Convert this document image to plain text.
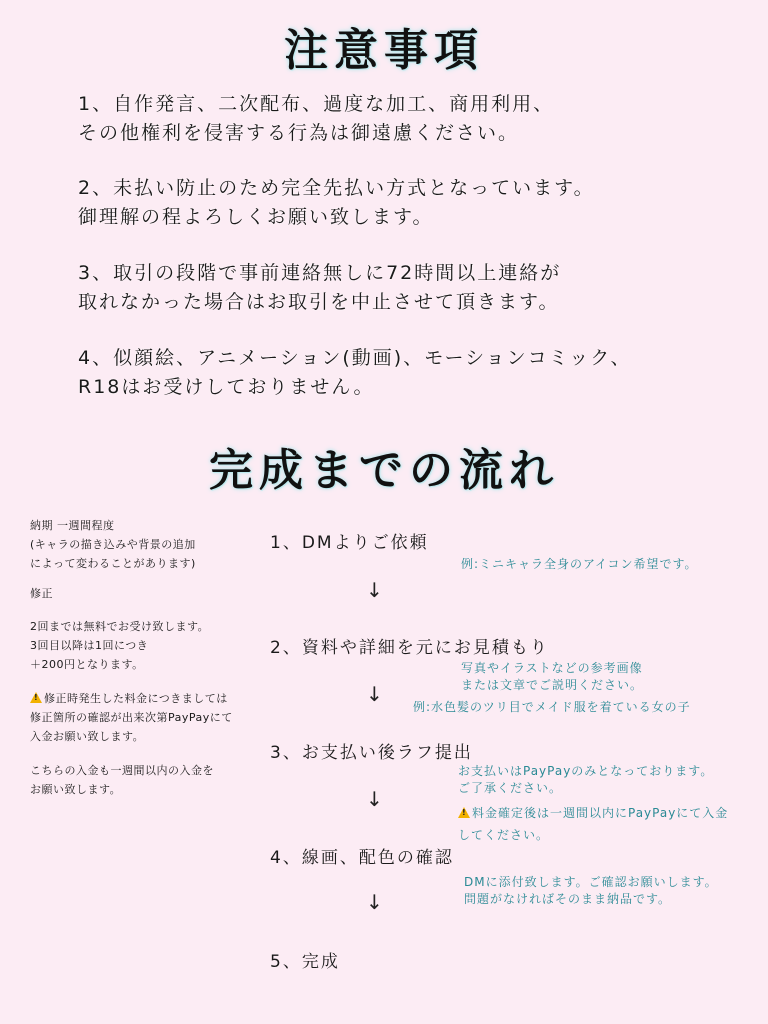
注意事項
1、自作発言、二次配布、過度な加工、商用利用、
その他権利を侵害する行為は御遠慮ください。
2、未払い防止のため完全先払い方式となっています。
御理解の程よろしくお願い致します。
3、取引の段階で事前連絡無しに72時間以上連絡が
取れなかった場合はお取引を中止させて頂きます。
4、似顔絵、アニメーション(動画)、モーションコミック、
R18はお受けしておりません。
完成までの流れ
納期 一週間程度
(キャラの描き込みや背景の追加
によって変わることがあります)
修正
2回までは無料でお受け致します。
3回目以降は1回につき
＋200円となります。
!修正時発生した料金につきましては
修正箇所の確認が出来次第PayPayにて
入金お願い致します。
こちらの入金も一週間以内の入金を
お願い致します。
1、DMよりご依頼
例:ミニキャラ全身のアイコン希望です。
↓
2、資料や詳細を元にお見積もり
写真やイラストなどの参考画像
または文章でご説明ください。
↓
例:水色髪のツリ目でメイド服を着ている女の子
3、お支払い後ラフ提出
お支払いはPayPayのみとなっております。
ご了承ください。
↓
!料金確定後は一週間以内にPayPayにて入金
してください。
4、線画、配色の確認
DMに添付致します。ご確認お願いします。
問題がなければそのまま納品です。
↓
5、完成
